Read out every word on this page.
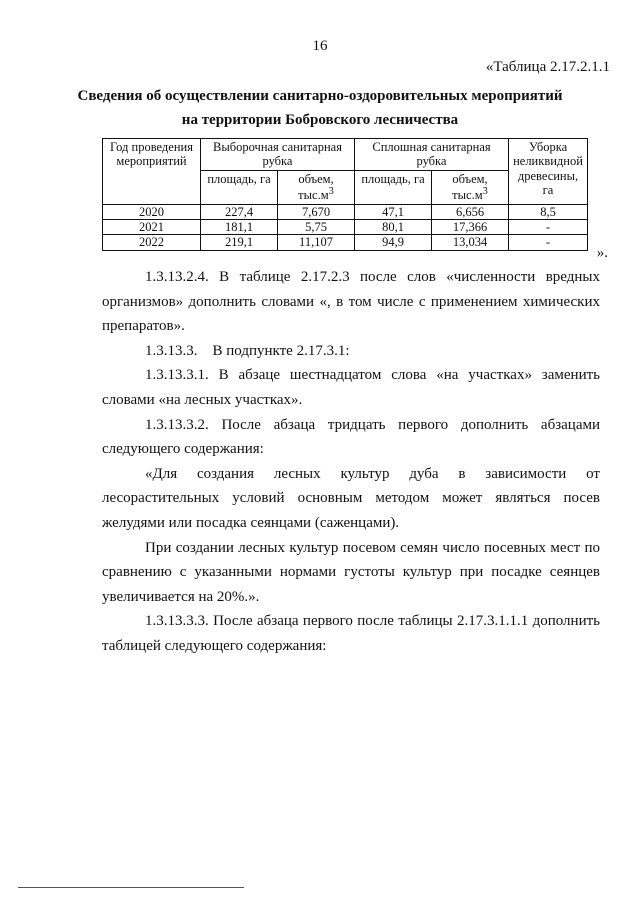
16
«Таблица 2.17.2.1.1
Сведения об осуществлении санитарно-оздоровительных мероприятий
на территории Бобровского лесничества
Год проведения мероприятий	Выборочная санитарная рубка		Сплошная санитарная рубка		Уборка неликвидной древесины, га
	площадь, га	объем, $тыс.м^3$	площадь, га	объем, $тыс.м^3$
2020	227,4	7,670	47,1	6,656	8,5
2021	181,1	5,75	80,1	17,366	-
2022	219,1	11,107	94,9	13,034	-
».

1.3.13.2.4. В таблице 2.17.2.3 после слов «численности вредных организмов» дополнить словами «, в том числе с применением химических препаратов».

1.3.13.3.    В подпункте 2.17.3.1:

1.3.13.3.1. В абзаце шестнадцатом слова «на участках» заменить словами «на лесных участках».

1.3.13.3.2. После абзаца тридцать первого дополнить абзацами следующего содержания:

«Для создания лесных культур дуба в зависимости от лесорастительных условий основным методом может являться посев желудями или посадка сеянцами (саженцами).

При создании лесных культур посевом семян число посевных мест по сравнению с указанными нормами густоты культур при посадке сеянцев увеличивается на 20%.».

1.3.13.3.3. После абзаца первого после таблицы 2.17.3.1.1.1 дополнить таблицей следующего содержания:
